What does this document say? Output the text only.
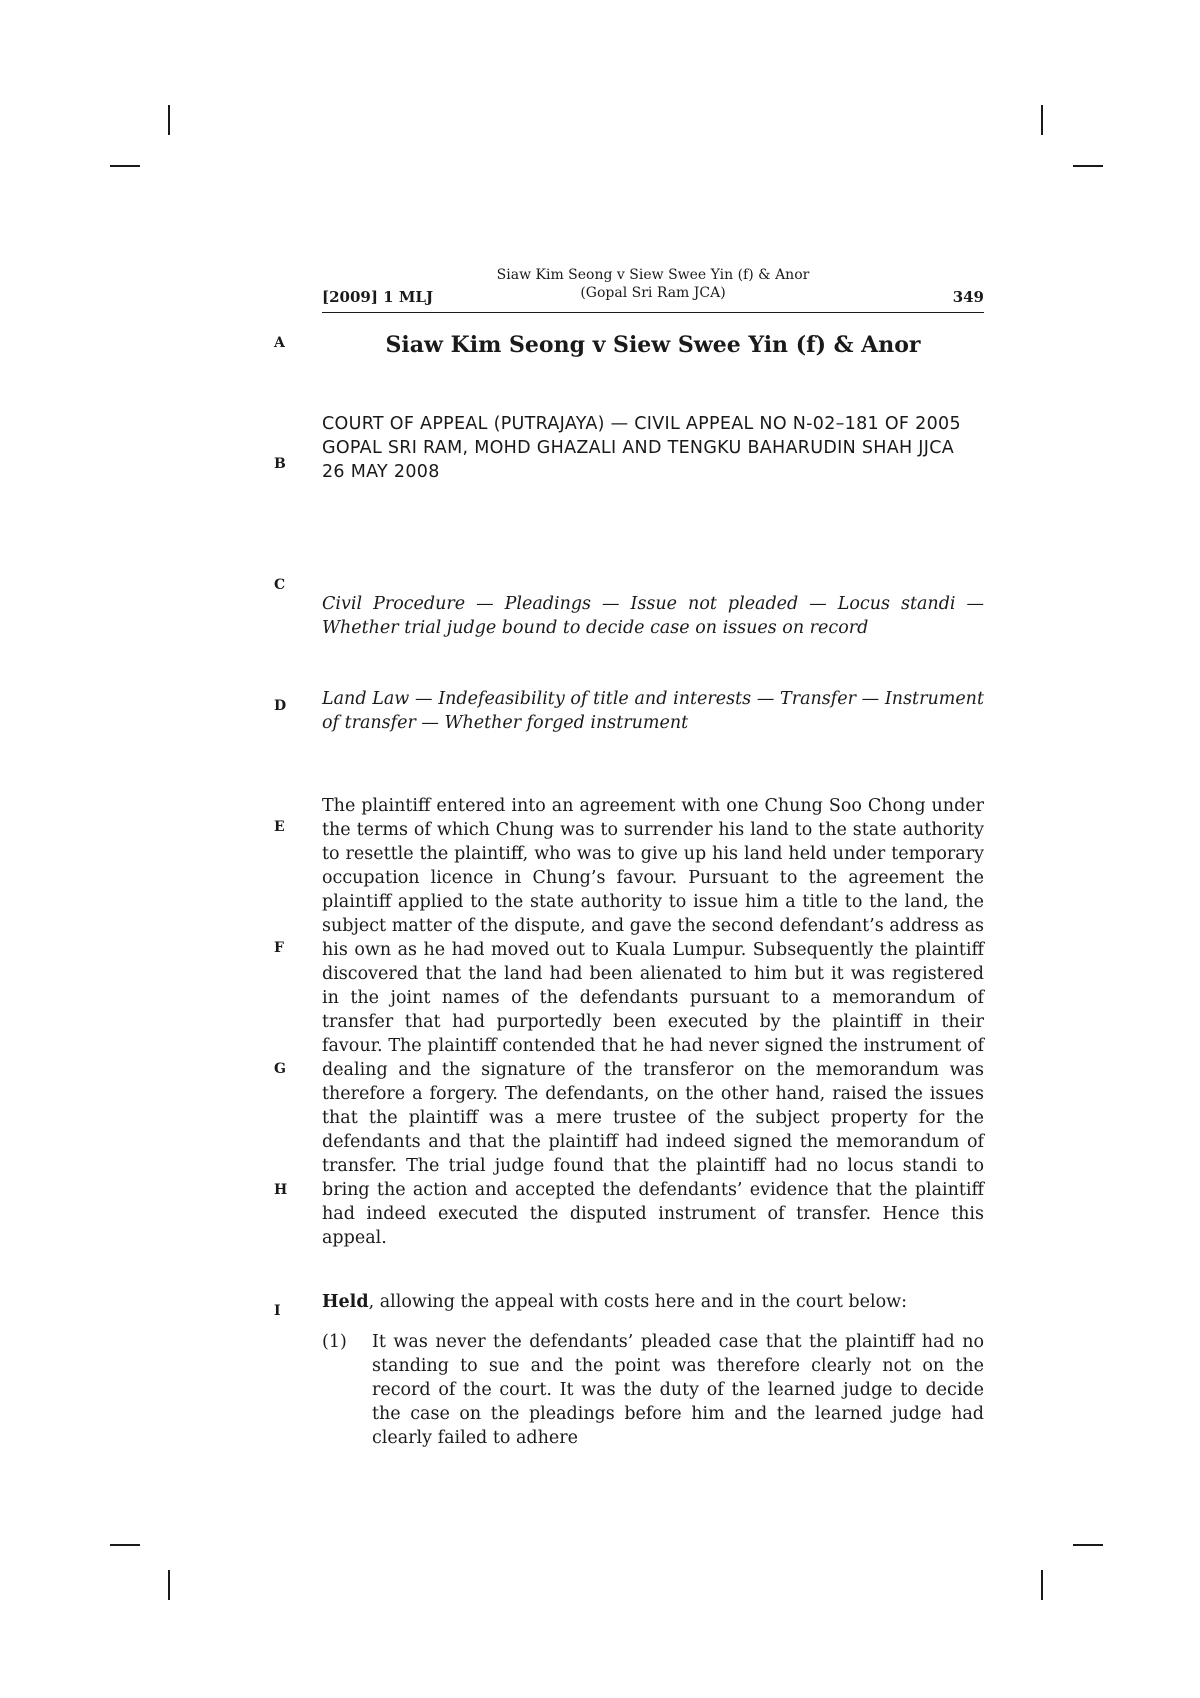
[2009] 1 MLJ
Siaw Kim Seong v Siew Swee Yin (f) & Anor
(Gopal Sri Ram JCA)	349
A
B
C
D
E
F
G
H
I
Siaw Kim Seong v Siew Swee Yin (f) & Anor
COURT OF APPEAL (PUTRAJAYA) — CIVIL APPEAL NO N-02–181 OF 2005
GOPAL SRI RAM, MOHD GHAZALI AND TENGKU BAHARUDIN SHAH JJCA
26 MAY 2008
Civil Procedure — Pleadings — Issue not pleaded — Locus standi — Whether trial judge bound to decide case on issues on record
Land Law — Indefeasibility of title and interests — Transfer — Instrument of transfer — Whether forged instrument

The plaintiff entered into an agreement with one Chung Soo Chong under the terms of which Chung was to surrender his land to the state authority to resettle the plaintiff, who was to give up his land held under temporary occupation licence in Chung’s favour. Pursuant to the agreement the plaintiff applied to the state authority to issue him a title to the land, the subject matter of the dispute, and gave the second defendant’s address as his own as he had moved out to Kuala Lumpur. Subsequently the plaintiff discovered that the land had been alienated to him but it was registered in the joint names of the defendants pursuant to a memorandum of transfer that had purportedly been executed by the plaintiff in their favour. The plaintiff contended that he had never signed the instrument of dealing and the signature of the transferor on the memorandum was therefore a forgery. The defendants, on the other hand, raised the issues that the plaintiff was a mere trustee of the subject property for the defendants and that the plaintiff had indeed signed the memorandum of transfer. The trial judge found that the plaintiff had no locus standi to bring the action and accepted the defendants’ evidence that the plaintiff had indeed executed the disputed instrument of transfer. Hence this appeal.

Held, allowing the appeal with costs here and in the court below:
(1) It was never the defendants’ pleaded case that the plaintiff had no standing to sue and the point was therefore clearly not on the record of the court. It was the duty of the learned judge to decide the case on the pleadings before him and the learned judge had clearly failed to adhere
